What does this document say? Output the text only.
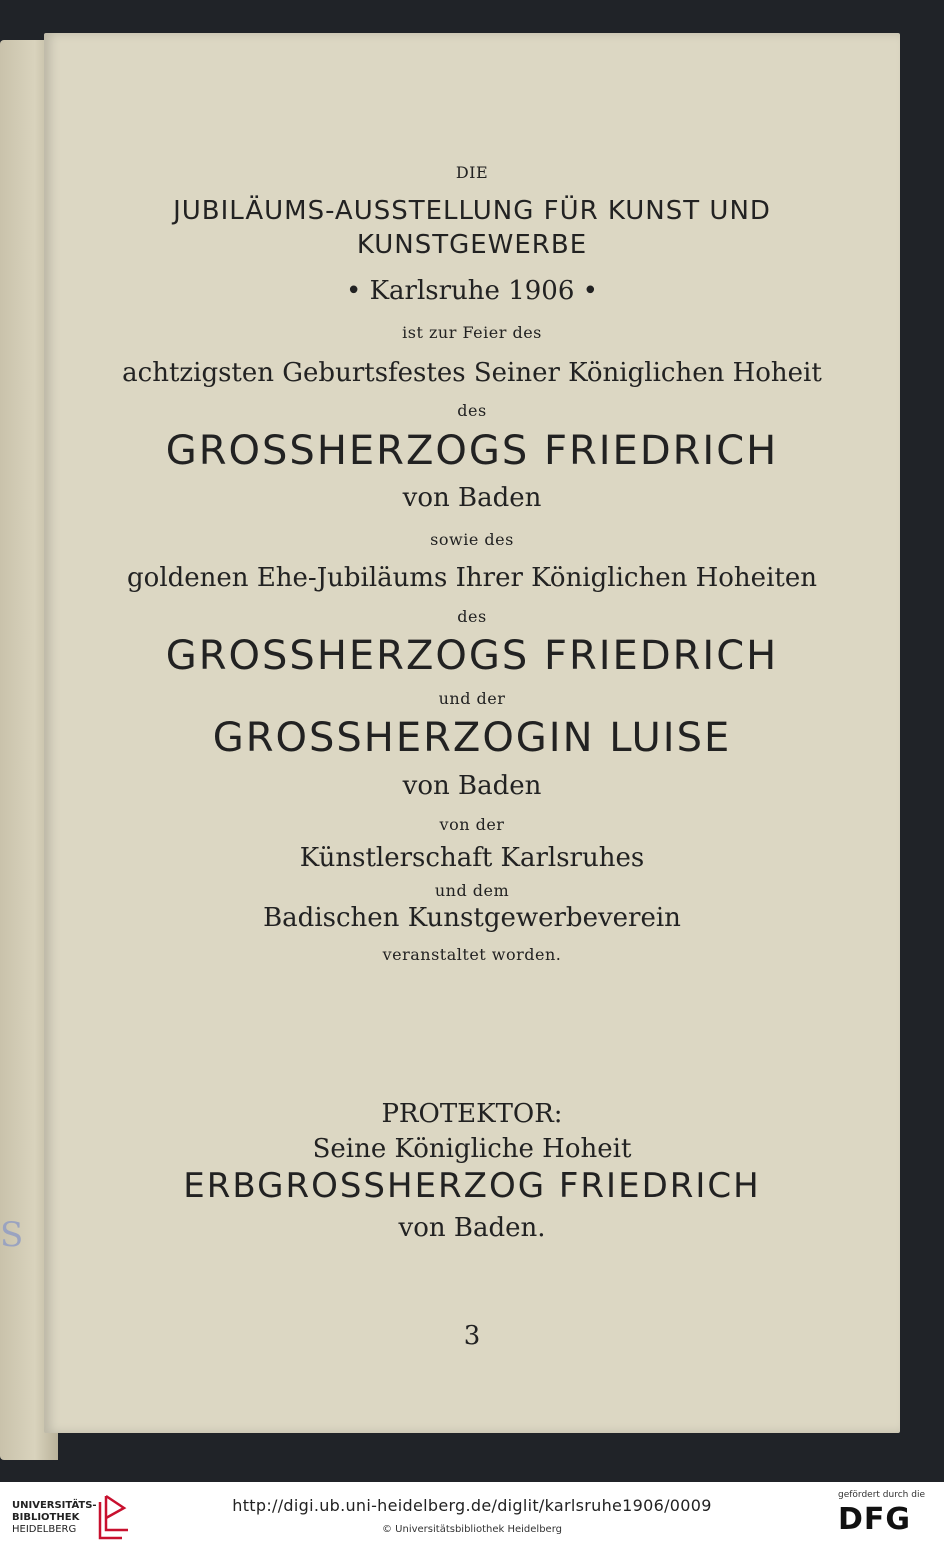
S
DIE
JUBILÄUMS-AUSSTELLUNG FÜR KUNST UND
KUNSTGEWERBE
• Karlsruhe 1906 •
ist zur Feier des
achtzigsten Geburtsfestes Seiner Königlichen Hoheit
des
GROSSHERZOGS FRIEDRICH
von Baden
sowie des
goldenen Ehe-Jubiläums Ihrer Königlichen Hoheiten
des
GROSSHERZOGS FRIEDRICH
und der
GROSSHERZOGIN LUISE
von Baden
von der
Künstlerschaft Karlsruhes
und dem
Badischen Kunstgewerbeverein
veranstaltet worden.
PROTEKTOR:
Seine Königliche Hoheit
ERBGROSSHERZOG FRIEDRICH
von Baden.
3
UNIVERSITÄTS-
BIBLIOTHEK
HEIDELBERG
http://digi.ub.uni-heidelberg.de/diglit/karlsruhe1906/0009
© Universitätsbibliothek Heidelberg
gefördert durch die
DFG
